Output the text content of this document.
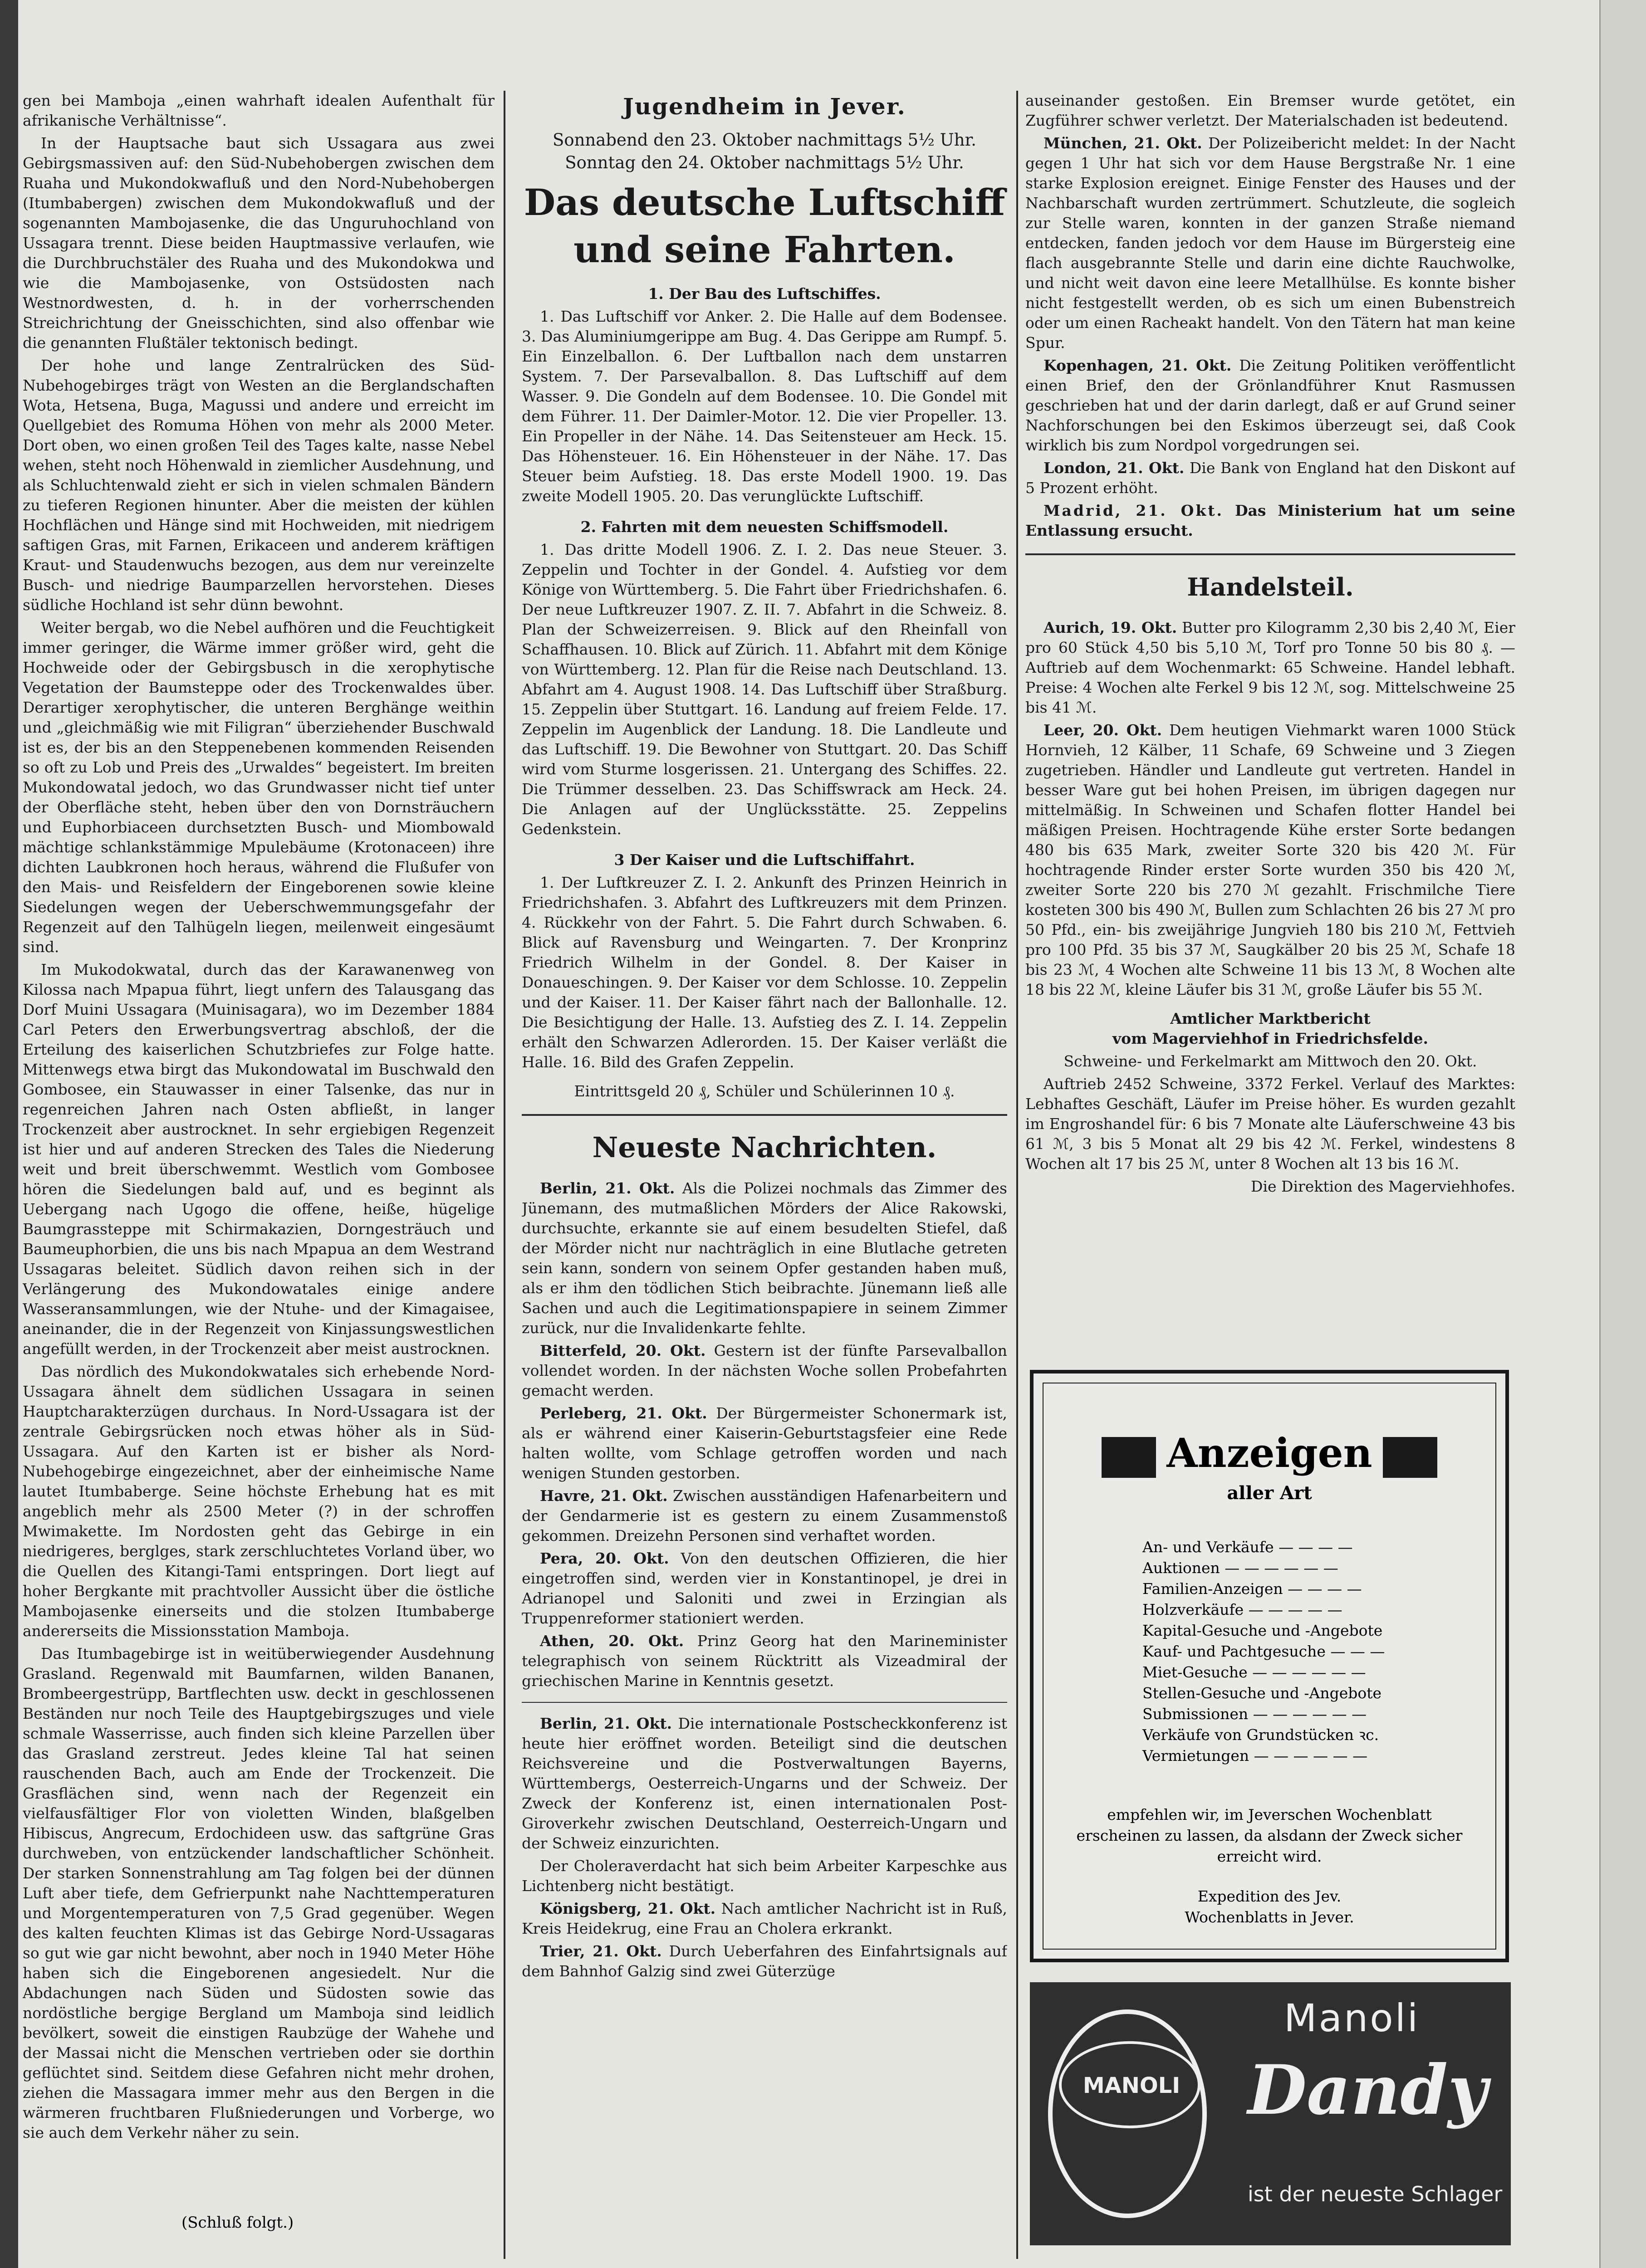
gen bei Mamboja „einen wahrhaft idealen Aufenthalt für afrikanische Verhältnisse“.

In der Hauptsache baut sich Ussagara aus zwei Gebirgsmassiven auf: den Süd-Nubehobergen zwischen dem Ruaha und Mukondokwafluß und den Nord-Nubehobergen (Itumbabergen) zwischen dem Mukondokwafluß und der sogenannten Mambojasenke, die das Unguruhochland von Ussagara trennt. Diese beiden Hauptmassive verlaufen, wie die Durchbruchstäler des Ruaha und des Mukondokwa und wie die Mambojasenke, von Ostsüdosten nach Westnordwesten, d. h. in der vorherrschenden Streichrichtung der Gneisschichten, sind also offenbar wie die genannten Flußtäler tektonisch bedingt.

Der hohe und lange Zentralrücken des Süd-Nubehogebirges trägt von Westen an die Berglandschaften Wota, Hetsena, Buga, Magussi und andere und erreicht im Quellgebiet des Romuma Höhen von mehr als 2000 Meter. Dort oben, wo einen großen Teil des Tages kalte, nasse Nebel wehen, steht noch Höhenwald in ziemlicher Ausdehnung, und als Schluchtenwald zieht er sich in vielen schmalen Bändern zu tieferen Regionen hinunter. Aber die meisten der kühlen Hochflächen und Hänge sind mit Hochweiden, mit niedrigem saftigen Gras, mit Farnen, Erikaceen und anderem kräftigen Kraut- und Staudenwuchs bezogen, aus dem nur vereinzelte Busch- und niedrige Baumparzellen hervorstehen. Dieses südliche Hochland ist sehr dünn bewohnt.

Weiter bergab, wo die Nebel aufhören und die Feuchtigkeit immer geringer, die Wärme immer größer wird, geht die Hochweide oder der Gebirgsbusch in die xerophytische Vegetation der Baumsteppe oder des Trockenwaldes über. Derartiger xerophytischer, die unteren Berghänge weithin und „gleichmäßig wie mit Filigran“ überziehender Buschwald ist es, der bis an den Steppenebenen kommenden Reisenden so oft zu Lob und Preis des „Urwaldes“ begeistert. Im breiten Mukondowatal jedoch, wo das Grundwasser nicht tief unter der Oberfläche steht, heben über den von Dornsträuchern und Euphorbiaceen durchsetzten Busch- und Miombowald mächtige schlankstämmige Mpulebäume (Krotonaceen) ihre dichten Laubkronen hoch heraus, während die Flußufer von den Mais- und Reisfeldern der Eingeborenen sowie kleine Siedelungen wegen der Ueberschwemmungsgefahr der Regenzeit auf den Talhügeln liegen, meilenweit eingesäumt sind.

Im Mukodokwatal, durch das der Karawanenweg von Kilossa nach Mpapua führt, liegt unfern des Talausgang das Dorf Muini Ussagara (Muinisagara), wo im Dezember 1884 Carl Peters den Erwerbungsvertrag abschloß, der die Erteilung des kaiserlichen Schutzbriefes zur Folge hatte. Mittenwegs etwa birgt das Mukondowatal im Buschwald den Gombosee, ein Stauwasser in einer Talsenke, das nur in regenreichen Jahren nach Osten abfließt, in langer Trockenzeit aber austrocknet. In sehr ergiebigen Regenzeit ist hier und auf anderen Strecken des Tales die Niederung weit und breit überschwemmt. Westlich vom Gombosee hören die Siedelungen bald auf, und es beginnt als Uebergang nach Ugogo die offene, heiße, hügelige Baumgrassteppe mit Schirmakazien, Dorngesträuch und Baumeuphorbien, die uns bis nach Mpapua an dem Westrand Ussagaras beleitet. Südlich davon reihen sich in der Verlängerung des Mukondowatales einige andere Wasseransammlungen, wie der Ntuhe- und der Kimagaisee, aneinander, die in der Regenzeit von Kinjassungswestlichen angefüllt werden, in der Trockenzeit aber meist austrocknen.

Das nördlich des Mukondokwatales sich erhebende Nord-Ussagara ähnelt dem südlichen Ussagara in seinen Hauptcharakterzügen durchaus. In Nord-Ussagara ist der zentrale Gebirgsrücken noch etwas höher als in Süd-Ussagara. Auf den Karten ist er bisher als Nord-Nubehogebirge eingezeichnet, aber der einheimische Name lautet Itumbaberge. Seine höchste Erhebung hat es mit angeblich mehr als 2500 Meter (?) in der schroffen Mwimakette. Im Nordosten geht das Gebirge in ein niedrigeres, berglges, stark zerschluchtetes Vorland über, wo die Quellen des Kitangi-Tami entspringen. Dort liegt auf hoher Bergkante mit prachtvoller Aussicht über die östliche Mambojasenke einerseits und die stolzen Itumbaberge andererseits die Missionsstation Mamboja.

Das Itumbagebirge ist in weitüberwiegender Ausdehnung Grasland. Regenwald mit Baumfarnen, wilden Bananen, Brombeergestrüpp, Bartflechten usw. deckt in geschlossenen Beständen nur noch Teile des Hauptgebirgszuges und viele schmale Wasserrisse, auch finden sich kleine Parzellen über das Grasland zerstreut. Jedes kleine Tal hat seinen rauschenden Bach, auch am Ende der Trockenzeit. Die Grasflächen sind, wenn nach der Regenzeit ein vielfausfältiger Flor von violetten Winden, blaßgelben Hibiscus, Angrecum, Erdochideen usw. das saftgrüne Gras durchweben, von entzückender landschaftlicher Schönheit. Der starken Sonnenstrahlung am Tag folgen bei der dünnen Luft aber tiefe, dem Gefrierpunkt nahe Nachttemperaturen und Morgentemperaturen von 7,5 Grad gegenüber. Wegen des kalten feuchten Klimas ist das Gebirge Nord-Ussagaras so gut wie gar nicht bewohnt, aber noch in 1940 Meter Höhe haben sich die Eingeborenen angesiedelt. Nur die Abdachungen nach Süden und Südosten sowie das nordöstliche bergige Bergland um Mamboja sind leidlich bevölkert, soweit die einstigen Raubzüge der Wahehe und der Massai nicht die Menschen vertrieben oder sie dorthin geflüchtet sind. Seitdem diese Gefahren nicht mehr drohen, ziehen die Massagara immer mehr aus den Bergen in die wärmeren fruchtbaren Flußniederungen und Vorberge, wo sie auch dem Verkehr näher zu sein.

(Schluß folgt.)
Jugendheim in Jever.
Sonnabend den 23. Oktober nachmittags 5½ Uhr.
Sonntag den 24. Oktober nachmittags 5½ Uhr.
Das deutsche Luftschiff und seine Fahrten.
1. Der Bau des Luftschiffes.

1. Das Luftschiff vor Anker. 2. Die Halle auf dem Bodensee. 3. Das Aluminiumgerippe am Bug. 4. Das Gerippe am Rumpf. 5. Ein Einzelballon. 6. Der Luftballon nach dem unstarren System. 7. Der Parsevalballon. 8. Das Luftschiff auf dem Wasser. 9. Die Gondeln auf dem Bodensee. 10. Die Gondel mit dem Führer. 11. Der Daimler-Motor. 12. Die vier Propeller. 13. Ein Propeller in der Nähe. 14. Das Seitensteuer am Heck. 15. Das Höhensteuer. 16. Ein Höhensteuer in der Nähe. 17. Das Steuer beim Aufstieg. 18. Das erste Modell 1900. 19. Das zweite Modell 1905. 20. Das verunglückte Luftschiff.

2. Fahrten mit dem neuesten Schiffsmodell.

1. Das dritte Modell 1906. Z. I. 2. Das neue Steuer. 3. Zeppelin und Tochter in der Gondel. 4. Aufstieg vor dem Könige von Württemberg. 5. Die Fahrt über Friedrichshafen. 6. Der neue Luftkreuzer 1907. Z. II. 7. Abfahrt in die Schweiz. 8. Plan der Schweizerreisen. 9. Blick auf den Rheinfall von Schaffhausen. 10. Blick auf Zürich. 11. Abfahrt mit dem Könige von Württemberg. 12. Plan für die Reise nach Deutschland. 13. Abfahrt am 4. August 1908. 14. Das Luftschiff über Straßburg. 15. Zeppelin über Stuttgart. 16. Landung auf freiem Felde. 17. Zeppelin im Augenblick der Landung. 18. Die Landleute und das Luftschiff. 19. Die Bewohner von Stuttgart. 20. Das Schiff wird vom Sturme losgerissen. 21. Untergang des Schiffes. 22. Die Trümmer desselben. 23. Das Schiffswrack am Heck. 24. Die Anlagen auf der Unglücksstätte. 25. Zeppelins Gedenkstein.

3 Der Kaiser und die Luftschiffahrt.

1. Der Luftkreuzer Z. I. 2. Ankunft des Prinzen Heinrich in Friedrichshafen. 3. Abfahrt des Luftkreuzers mit dem Prinzen. 4. Rückkehr von der Fahrt. 5. Die Fahrt durch Schwaben. 6. Blick auf Ravensburg und Weingarten. 7. Der Kronprinz Friedrich Wilhelm in der Gondel. 8. Der Kaiser in Donaueschingen. 9. Der Kaiser vor dem Schlosse. 10. Zeppelin und der Kaiser. 11. Der Kaiser fährt nach der Ballonhalle. 12. Die Besichtigung der Halle. 13. Aufstieg des Z. I. 14. Zeppelin erhält den Schwarzen Adlerorden. 15. Der Kaiser verläßt die Halle. 16. Bild des Grafen Zeppelin.

Eintrittsgeld 20 ₰, Schüler und Schülerinnen 10 ₰.

Neueste Nachrichten.

Berlin, 21. Okt. Als die Polizei nochmals das Zimmer des Jünemann, des mutmaßlichen Mörders der Alice Rakowski, durchsuchte, erkannte sie auf einem besudelten Stiefel, daß der Mörder nicht nur nachträglich in eine Blutlache getreten sein kann, sondern von seinem Opfer gestanden haben muß, als er ihm den tödlichen Stich beibrachte. Jünemann ließ alle Sachen und auch die Legitimationspapiere in seinem Zimmer zurück, nur die Invalidenkarte fehlte.

Bitterfeld, 20. Okt. Gestern ist der fünfte Parsevalballon vollendet worden. In der nächsten Woche sollen Probefahrten gemacht werden.

Perleberg, 21. Okt. Der Bürgermeister Schonermark ist, als er während einer Kaiserin-Geburtstagsfeier eine Rede halten wollte, vom Schlage getroffen worden und nach wenigen Stunden gestorben.

Havre, 21. Okt. Zwischen ausständigen Hafenarbeitern und der Gendarmerie ist es gestern zu einem Zusammenstoß gekommen. Dreizehn Personen sind verhaftet worden.

Pera, 20. Okt. Von den deutschen Offizieren, die hier eingetroffen sind, werden vier in Konstantinopel, je drei in Adrianopel und Saloniti und zwei in Erzingian als Truppenreformer stationiert werden.

Athen, 20. Okt. Prinz Georg hat den Marineminister telegraphisch von seinem Rücktritt als Vizeadmiral der griechischen Marine in Kenntnis gesetzt.

Berlin, 21. Okt. Die internationale Postscheckkonferenz ist heute hier eröffnet worden. Beteiligt sind die deutschen Reichsvereine und die Postverwaltungen Bayerns, Württembergs, Oesterreich-Ungarns und der Schweiz. Der Zweck der Konferenz ist, einen internationalen Post-Giroverkehr zwischen Deutschland, Oesterreich-Ungarn und der Schweiz einzurichten.

Der Choleraverdacht hat sich beim Arbeiter Karpeschke aus Lichtenberg nicht bestätigt.

Königsberg, 21. Okt. Nach amtlicher Nachricht ist in Ruß, Kreis Heidekrug, eine Frau an Cholera erkrankt.

Trier, 21. Okt. Durch Ueberfahren des Einfahrtsignals auf dem Bahnhof Galzig sind zwei Güterzüge

auseinander gestoßen. Ein Bremser wurde getötet, ein Zugführer schwer verletzt. Der Materialschaden ist bedeutend.

München, 21. Okt. Der Polizeibericht meldet: In der Nacht gegen 1 Uhr hat sich vor dem Hause Bergstraße Nr. 1 eine starke Explosion ereignet. Einige Fenster des Hauses und der Nachbarschaft wurden zertrümmert. Schutzleute, die sogleich zur Stelle waren, konnten in der ganzen Straße niemand entdecken, fanden jedoch vor dem Hause im Bürgersteig eine flach ausgebrannte Stelle und darin eine dichte Rauchwolke, und nicht weit davon eine leere Metallhülse. Es konnte bisher nicht festgestellt werden, ob es sich um einen Bubenstreich oder um einen Racheakt handelt. Von den Tätern hat man keine Spur.

Kopenhagen, 21. Okt. Die Zeitung Politiken veröffentlicht einen Brief, den der Grönlandführer Knut Rasmussen geschrieben hat und der darin darlegt, daß er auf Grund seiner Nachforschungen bei den Eskimos überzeugt sei, daß Cook wirklich bis zum Nordpol vorgedrungen sei.

London, 21. Okt. Die Bank von England hat den Diskont auf 5 Prozent erhöht.

Madrid, 21. Okt. Das Ministerium hat um seine Entlassung ersucht.

Handelsteil.

Aurich, 19. Okt. Butter pro Kilogramm 2,30 bis 2,40 ℳ, Eier pro 60 Stück 4,50 bis 5,10 ℳ, Torf pro Tonne 50 bis 80 ₰. — Auftrieb auf dem Wochenmarkt: 65 Schweine. Handel lebhaft. Preise: 4 Wochen alte Ferkel 9 bis 12 ℳ, sog. Mittelschweine 25 bis 41 ℳ.

Leer, 20. Okt. Dem heutigen Viehmarkt waren 1000 Stück Hornvieh, 12 Kälber, 11 Schafe, 69 Schweine und 3 Ziegen zugetrieben. Händler und Landleute gut vertreten. Handel in besser Ware gut bei hohen Preisen, im übrigen dagegen nur mittelmäßig. In Schweinen und Schafen flotter Handel bei mäßigen Preisen. Hochtragende Kühe erster Sorte bedangen 480 bis 635 Mark, zweiter Sorte 320 bis 420 ℳ. Für hochtragende Rinder erster Sorte wurden 350 bis 420 ℳ, zweiter Sorte 220 bis 270 ℳ gezahlt. Frischmilche Tiere kosteten 300 bis 490 ℳ, Bullen zum Schlachten 26 bis 27 ℳ pro 50 Pfd., ein- bis zweijährige Jungvieh 180 bis 210 ℳ, Fettvieh pro 100 Pfd. 35 bis 37 ℳ, Saugkälber 20 bis 25 ℳ, Schafe 18 bis 23 ℳ, 4 Wochen alte Schweine 11 bis 13 ℳ, 8 Wochen alte 18 bis 22 ℳ, kleine Läufer bis 31 ℳ, große Läufer bis 55 ℳ.

Amtlicher Marktbericht
vom Magerviehhof in Friedrichsfelde.

Schweine- und Ferkelmarkt am Mittwoch den 20. Okt.

Auftrieb 2452 Schweine, 3372 Ferkel. Verlauf des Marktes: Lebhaftes Geschäft, Läufer im Preise höher. Es wurden gezahlt im Engroshandel für: 6 bis 7 Monate alte Läuferschweine 43 bis 61 ℳ, 3 bis 5 Monat alt 29 bis 42 ℳ. Ferkel, windestens 8 Wochen alt 17 bis 25 ℳ, unter 8 Wochen alt 13 bis 16 ℳ.

Die Direktion des Magerviehhofes.

Anzeigen
aller Art
An- und Verkäufe — — — —
Auktionen — — — — — —
Familien-Anzeigen — — — —
Holzverkäufe — — — — —
Kapital-Gesuche und -Angebote
Kauf- und Pachtgesuche — — —
Miet-Gesuche — — — — — —
Stellen-Gesuche und -Angebote
Submissionen — — — — — —
Verkäufe von Grundstücken ꝛc.
Vermietungen — — — — — —
empfehlen wir, im Jeverschen Wochenblatt erscheinen zu lassen, da alsdann der Zweck sicher erreicht wird.
Expedition des Jev. Wochenblatts in Jever.
MANOLI
Manoli
Dandy
ist der neueste Schlager
